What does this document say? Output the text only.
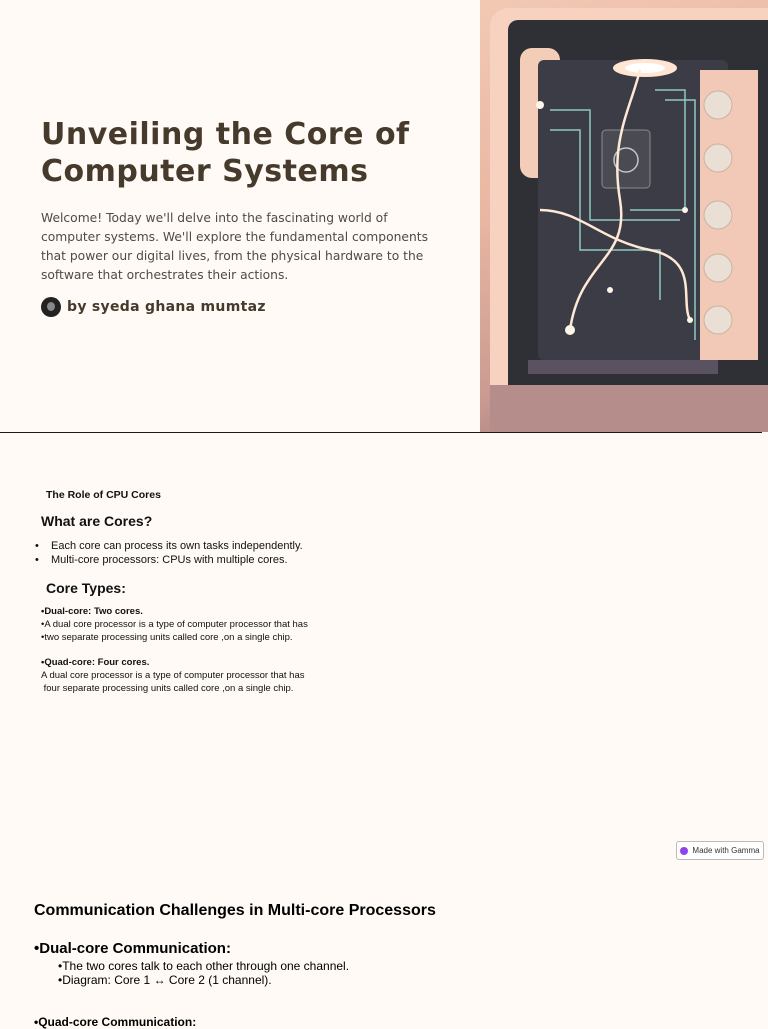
Unveiling the Core of Computer Systems
Welcome! Today we'll delve into the fascinating world of computer systems. We'll explore the fundamental components that power our digital lives, from the physical hardware to the software that orchestrates their actions.
by syeda ghana mumtaz
The Role of CPU Cores
What are Cores?
•	Each core can process its own tasks independently.
•	Multi-core processors: CPUs with multiple cores.
Core Types:
•Dual-core: Two cores.
•A dual core processor is a type of computer processor that has
•two separate processing units called core ,on a single chip.
•Quad-core: Four cores.
A dual core processor is a type of computer processor that has
four separate processing units called core ,on a single chip.
Made with Gamma
Communication Challenges in Multi-core Processors
•Dual-core Communication:
•The two cores talk to each other through one channel.
•Diagram: Core 1 ↔ Core 2 (1 channel).
•Quad-core Communication:
